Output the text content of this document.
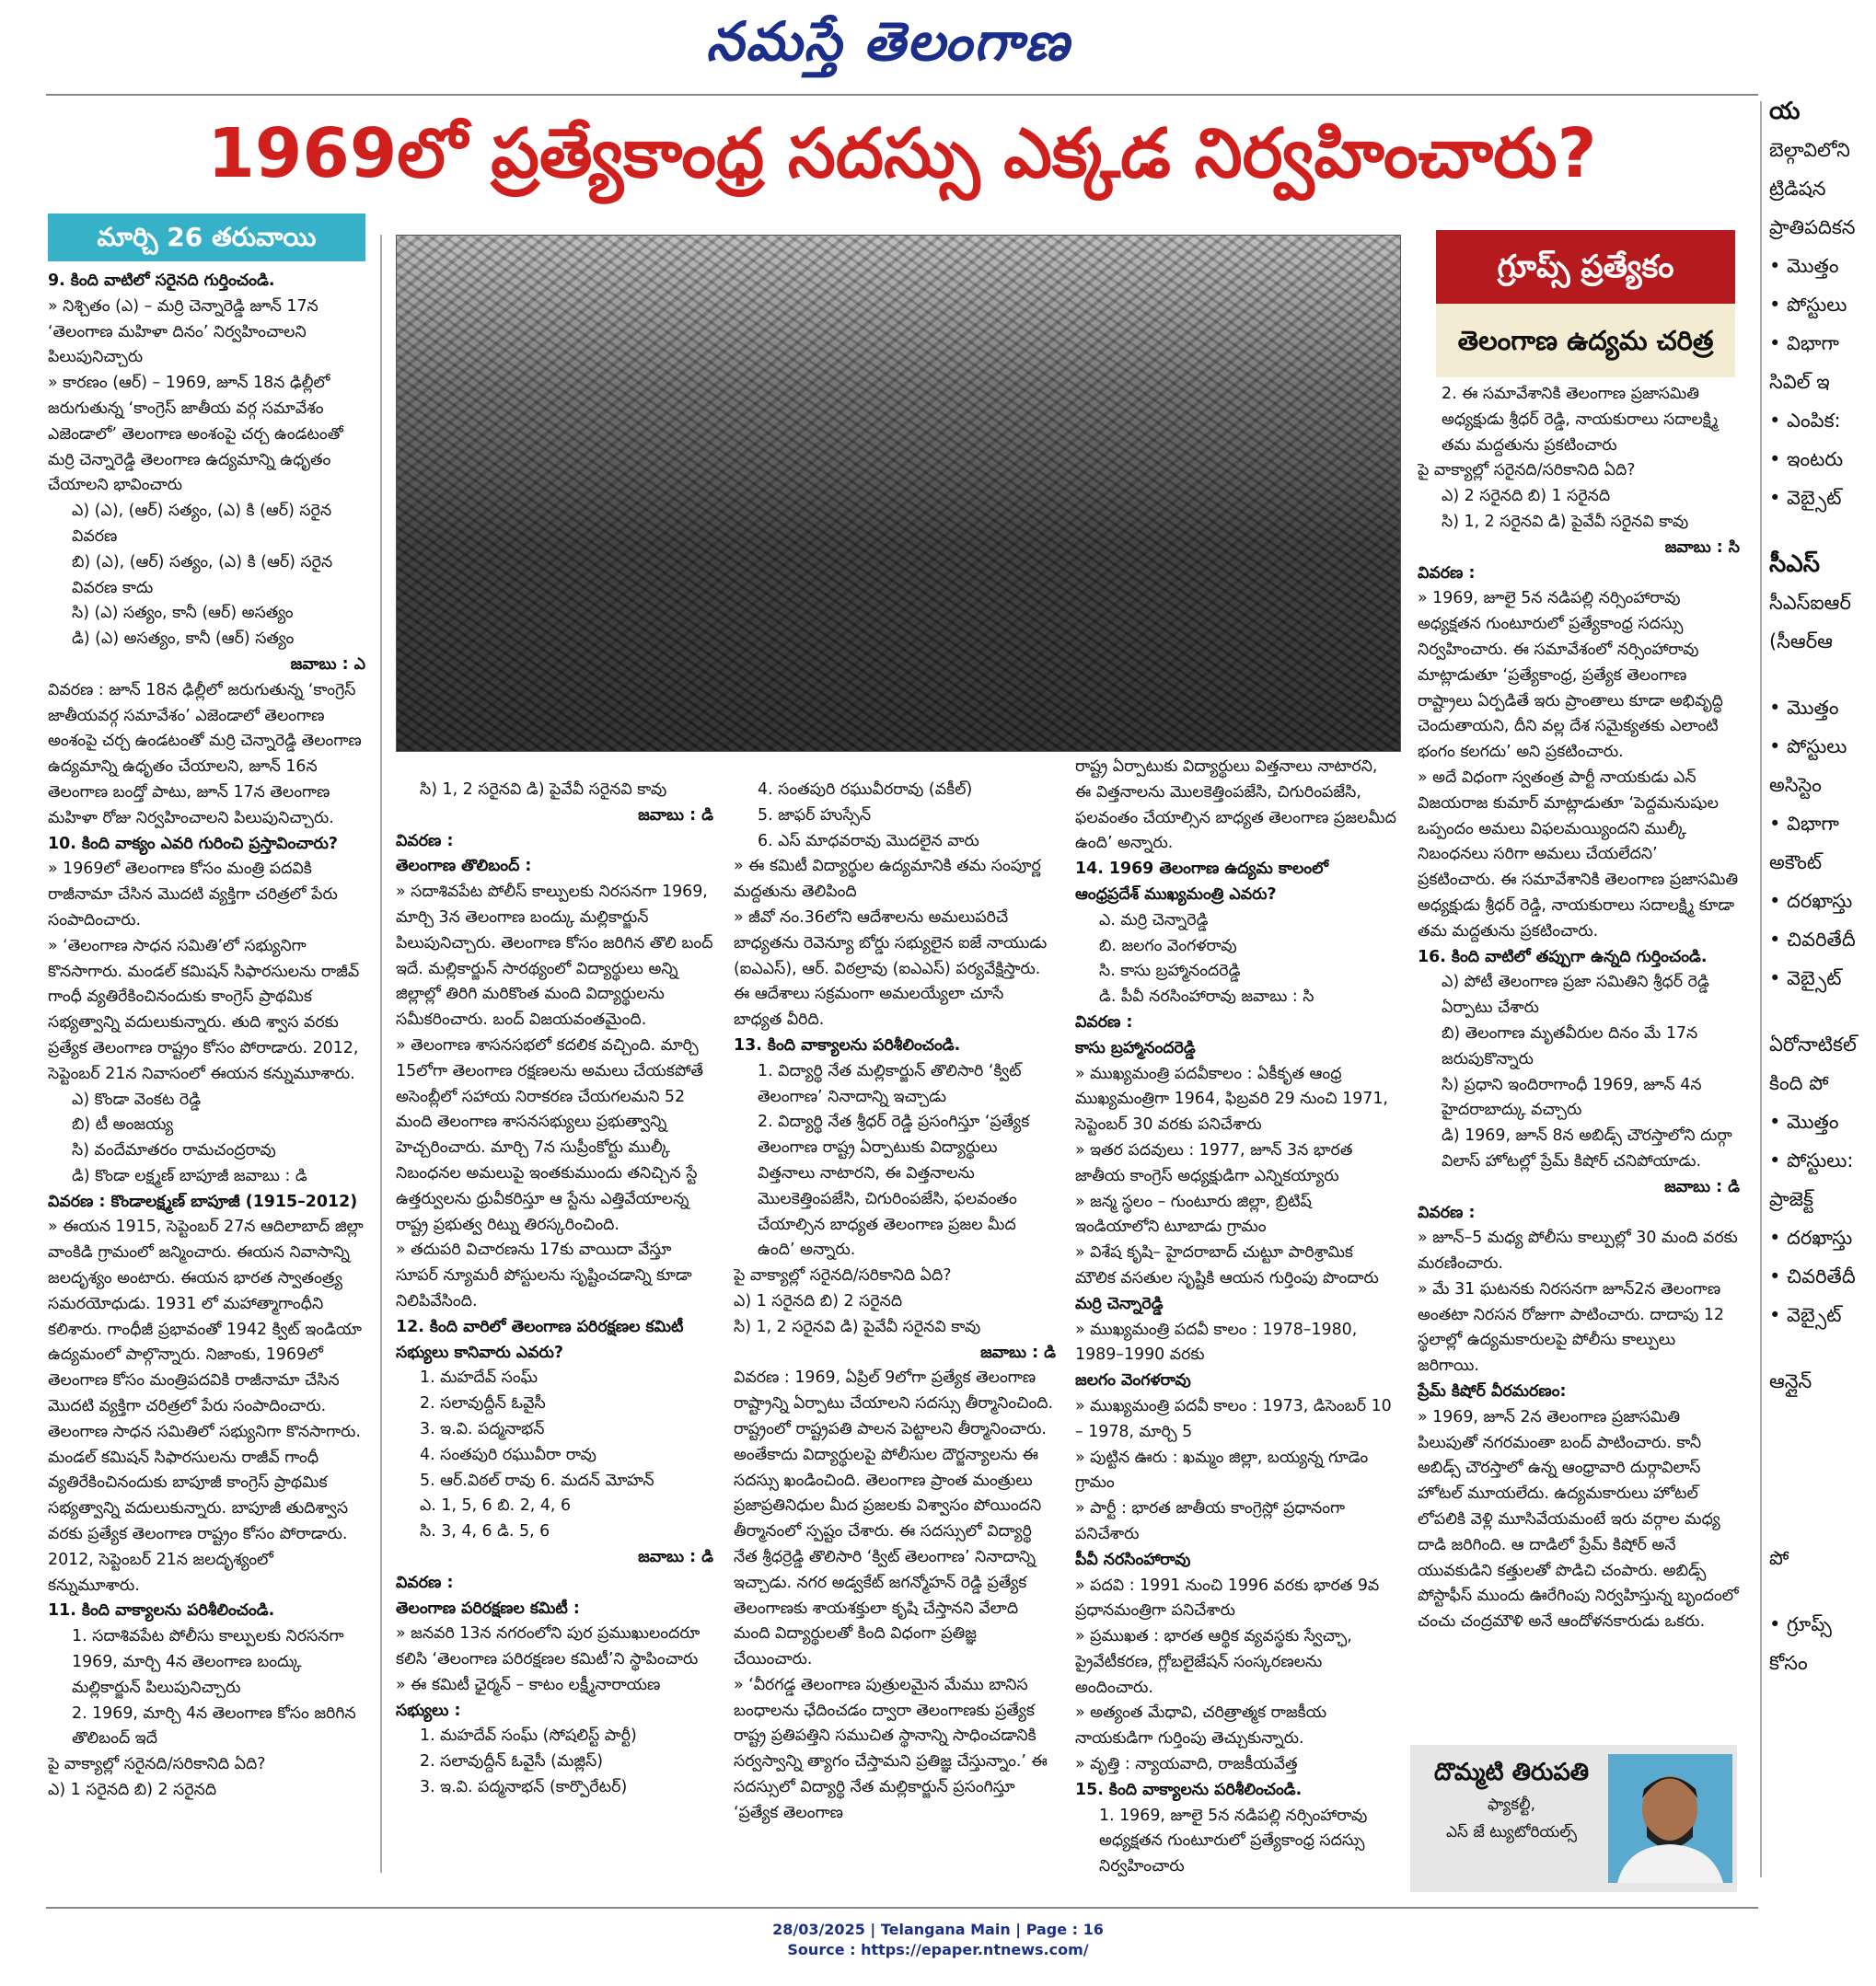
నమస్తే తెలంగాణ
1969లో ప్రత్యేకాంధ్ర సదస్సు ఎక్కడ నిర్వహించారు?
మార్చి 26 తరువాయి

9. కింది వాటిలో సరైనది గుర్తించండి.

» నిశ్చితం (ఎ) – మర్రి చెన్నారెడ్డి జూన్ 17న ‘తెలంగాణ మహిళా దినం’ నిర్వహించాలని పిలుపునిచ్చారు

» కారణం (ఆర్) – 1969, జూన్ 18న ఢిల్లీలో జరుగుతున్న ‘కాంగ్రెస్ జాతీయ వర్గ సమావేశం ఎజెండాలో’ తెలంగాణ అంశంపై చర్చ ఉండటంతో మర్రి చెన్నారెడ్డి తెలంగాణ ఉద్యమాన్ని ఉధృతం చేయాలని భావించారు

ఎ) (ఎ), (ఆర్) సత్యం, (ఎ) కి (ఆర్) సరైన వివరణ

బి) (ఎ), (ఆర్) సత్యం, (ఎ) కి (ఆర్) సరైన వివరణ కాదు

సి) (ఎ) సత్యం, కానీ (ఆర్) అసత్యం

డి) (ఎ) అసత్యం, కానీ (ఆర్) సత్యం

జవాబు : ఎ

వివరణ : జూన్ 18న ఢిల్లీలో జరుగుతున్న ‘కాంగ్రెస్ జాతీయవర్గ సమావేశం’ ఎజెండాలో తెలంగాణ అంశంపై చర్చ ఉండటంతో మర్రి చెన్నారెడ్డి తెలంగాణ ఉద్యమాన్ని ఉధృతం చేయాలని, జూన్ 16న తెలంగాణ బంద్తో పాటు, జూన్ 17న తెలంగాణ మహిళా రోజు నిర్వహించాలని పిలుపునిచ్చారు.

10. కింది వాక్యం ఎవరి గురించి ప్రస్తావించారు?

» 1969లో తెలంగాణ కోసం మంత్రి పదవికి రాజీనామా చేసిన మొదటి వ్యక్తిగా చరిత్రలో పేరు సంపాదించారు.

» ‘తెలంగాణ సాధన సమితి’లో సభ్యునిగా కొనసాగారు. మండల్ కమిషన్ సిఫారసులను రాజీవ్ గాంధీ వ్యతిరేకించినందుకు కాంగ్రెస్ ప్రాథమిక సభ్యత్వాన్ని వదులుకున్నారు. తుది శ్వాస వరకు ప్రత్యేక తెలంగాణ రాష్ట్రం కోసం పోరాడారు. 2012, సెప్టెంబర్ 21న నివాసంలో ఈయన కన్నుమూశారు.

ఎ) కొండా వెంకట రెడ్డి

బి) టీ అంజయ్య

సి) వందేమాతరం రామచంద్రరావు

డి) కొండా లక్ష్మణ్ బాపూజీ జవాబు : డి

వివరణ : కొండాలక్ష్మణ్ బాపూజీ (1915–2012)

» ఈయన 1915, సెప్టెంబర్ 27న ఆదిలాబాద్ జిల్లా వాంకిడి గ్రామంలో జన్మించారు. ఈయన నివాసాన్ని జలదృశ్యం అంటారు. ఈయన భారత స్వాతంత్ర్య సమరయోధుడు. 1931 లో మహాత్మాగాంధీని కలిశారు. గాంధీజీ ప్రభావంతో 1942 క్విట్ ఇండియా ఉద్యమంలో పాల్గొన్నారు. నిజాంకు, 1969లో తెలంగాణ కోసం మంత్రిపదవికి రాజీనామా చేసిన మొదటి వ్యక్తిగా చరిత్రలో పేరు సంపాదించారు. తెలంగాణ సాధన సమితిలో సభ్యునిగా కొనసాగారు. మండల్ కమిషన్ సిఫారసులను రాజీవ్ గాంధీ వ్యతిరేకించినందుకు బాపూజీ కాంగ్రెస్ ప్రాథమిక సభ్యత్వాన్ని వదులుకున్నారు. బాపూజీ తుదిశ్వాస వరకు ప్రత్యేక తెలంగాణ రాష్ట్రం కోసం పోరాడారు. 2012, సెప్టెంబర్ 21న జలదృశ్యంలో కన్నుమూశారు.

11. కింది వాక్యాలను పరిశీలించండి.

1. సదాశివపేట పోలీసు కాల్పులకు నిరసనగా 1969, మార్చి 4న తెలంగాణ బంద్కు మల్లికార్జున్ పిలుపునిచ్చారు

2. 1969, మార్చి 4న తెలంగాణ కోసం జరిగిన తొలిబంద్ ఇదే

పై వాక్యాల్లో సరైనది/సరికానిది ఏది?

ఎ) 1 సరైనది బి) 2 సరైనది

సి) 1, 2 సరైనవి డి) పైవేవీ సరైనవి కావు

జవాబు : డి

వివరణ :

తెలంగాణ తొలిబంద్ :

» సదాశివపేట పోలీస్ కాల్పులకు నిరసనగా 1969, మార్చి 3న తెలంగాణ బంద్కు మల్లికార్జున్ పిలుపునిచ్చారు. తెలంగాణ కోసం జరిగిన తొలి బంద్ ఇదే. మల్లికార్జున్ సారథ్యంలో విద్యార్థులు అన్ని జిల్లాల్లో తిరిగి మరికొంత మంది విద్యార్థులను సమీకరించారు. బంద్ విజయవంతమైంది.

» తెలంగాణ శాసనసభలో కదలిక వచ్చింది. మార్చి 15లోగా తెలంగాణ రక్షణలను అమలు చేయకపోతే అసెంబ్లీలో సహాయ నిరాకరణ చేయగలమని 52 మంది తెలంగాణ శాసనసభ్యులు ప్రభుత్వాన్ని హెచ్చరించారు. మార్చి 7న సుప్రీంకోర్టు ముల్కీ నిబంధనల అమలుపై ఇంతకుముందు తనిచ్చిన స్టే ఉత్తర్వులను ధ్రువీకరిస్తూ ఆ స్టేను ఎత్తివేయాలన్న రాష్ట్ర ప్రభుత్వ రిట్ను తిరస్కరించింది.

» తదుపరి విచారణను 17కు వాయిదా వేస్తూ సూపర్ న్యూమరీ పోస్టులను సృష్టించడాన్ని కూడా నిలిపివేసింది.

12. కింది వారిలో తెలంగాణ పరిరక్షణల కమిటీ సభ్యులు కానివారు ఎవరు?

1. మహదేవ్ సంఘ్

2. సలావుద్దీన్ ఓవైసీ

3. ఇ.వి. పద్మనాభన్

4. సంతపురి రఘువీరా రావు

5. ఆర్.విఠల్ రావు 6. మదన్ మోహన్

ఎ. 1, 5, 6 బి. 2, 4, 6

సి. 3, 4, 6 డి. 5, 6

జవాబు : డి

వివరణ :

తెలంగాణ పరిరక్షణల కమిటీ :

» జనవరి 13న నగరంలోని పుర ప్రముఖులందరూ కలిసి ‘తెలంగాణ పరిరక్షణల కమిటీ’ని స్థాపించారు

» ఈ కమిటీ ఛైర్మన్ – కాటం లక్ష్మీనారాయణ

సభ్యులు :

1. మహదేవ్ సంఘ్ (సోషలిస్ట్ పార్టీ)

2. సలావుద్దీన్ ఓవైసీ (మజ్లిస్)

3. ఇ.వి. పద్మనాభన్ (కార్పొరేటర్)

4. సంతపురి రఘువీరరావు (వకీల్)

5. జాఫర్ హుస్సేన్

6. ఎస్ మాధవరావు మొదలైన వారు

» ఈ కమిటీ విద్యార్థుల ఉద్యమానికి తమ సంపూర్ణ మద్దతును తెలిపింది

» జీవో నం.36లోని ఆదేశాలను అమలుపరిచే బాధ్యతను రెవెన్యూ బోర్డు సభ్యులైన ఐజే నాయుడు (ఐఎఎస్), ఆర్. విఠల్రావు (ఐఎఎస్) పర్యవేక్షిస్తారు. ఈ ఆదేశాలు సక్రమంగా అమలయ్యేలా చూసే బాధ్యత వీరిది.

13. కింది వాక్యాలను పరిశీలించండి.

1. విద్యార్థి నేత మల్లికార్జున్ తొలిసారి ‘క్విట్ తెలంగాణ’ నినాదాన్ని ఇచ్చాడు

2. విద్యార్థి నేత శ్రీధర్ రెడ్డి ప్రసంగిస్తూ ‘ప్రత్యేక తెలంగాణ రాష్ట్ర ఏర్పాటుకు విద్యార్థులు విత్తనాలు నాటారని, ఈ విత్తనాలను మొలకెత్తింపజేసి, చిగురింపజేసి, ఫలవంతం చేయాల్సిన బాధ్యత తెలంగాణ ప్రజల మీద ఉంది’ అన్నారు.

పై వాక్యాల్లో సరైనది/సరికానిది ఏది?

ఎ) 1 సరైనది బి) 2 సరైనది

సి) 1, 2 సరైనవి డి) పైవేవీ సరైనవి కావు

జవాబు : డి

వివరణ : 1969, ఏప్రిల్ 9లోగా ప్రత్యేక తెలంగాణ రాష్ట్రాన్ని ఏర్పాటు చేయాలని సదస్సు తీర్మానించింది. రాష్ట్రంలో రాష్ట్రపతి పాలన పెట్టాలని తీర్మానించారు. అంతేకాదు విద్యార్థులపై పోలీసుల దౌర్జన్యాలను ఈ సదస్సు ఖండించింది. తెలంగాణ ప్రాంత మంత్రులు ప్రజాప్రతినిధుల మీద ప్రజలకు విశ్వాసం పోయిందని తీర్మానంలో స్పష్టం చేశారు. ఈ సదస్సులో విద్యార్థి నేత శ్రీధర్రెడ్డి తొలిసారి ‘క్విట్ తెలంగాణ’ నినాదాన్ని ఇచ్చాడు. నగర అడ్వకేట్ జగన్మోహన్ రెడ్డి ప్రత్యేక తెలంగాణకు శాయశక్తులా కృషి చేస్తానని వేలాది మంది విద్యార్థులతో కింది విధంగా ప్రతిజ్ఞ చేయించారు.

» ‘వీరగడ్డ తెలంగాణ పుత్రులమైన మేము బానిస బంధాలను ఛేదించడం ద్వారా తెలంగాణకు ప్రత్యేక రాష్ట్ర ప్రతిపత్తిని సముచిత స్థానాన్ని సాధించడానికి సర్వస్వాన్ని త్యాగం చేస్తామని ప్రతిజ్ఞ చేస్తున్నాం.’ ఈ సదస్సులో విద్యార్థి నేత మల్లికార్జున్ ప్రసంగిస్తూ ‘ప్రత్యేక తెలంగాణ

రాష్ట్ర ఏర్పాటుకు విద్యార్థులు విత్తనాలు నాటారని, ఈ విత్తనాలను మొలకెత్తింపజేసి, చిగురింపజేసి, ఫలవంతం చేయాల్సిన బాధ్యత తెలంగాణ ప్రజలమీద ఉంది’ అన్నారు.

14. 1969 తెలంగాణ ఉద్యమ కాలంలో ఆంధ్రప్రదేశ్ ముఖ్యమంత్రి ఎవరు?

ఎ. మర్రి చెన్నారెడ్డి

బి. జలగం వెంగళరావు

సి. కాసు బ్రహ్మానందరెడ్డి

డి. పీవీ నరసింహారావు జవాబు : సి

వివరణ :

కాసు బ్రహ్మానందరెడ్డి

» ముఖ్యమంత్రి పదవీకాలం : ఏకీకృత ఆంధ్ర ముఖ్యమంత్రిగా 1964, ఫిబ్రవరి 29 నుంచి 1971, సెప్టెంబర్ 30 వరకు పనిచేశారు

» ఇతర పదవులు : 1977, జూన్ 3న భారత జాతీయ కాంగ్రెస్ అధ్యక్షుడిగా ఎన్నికయ్యారు

» జన్మ స్థలం – గుంటూరు జిల్లా, బ్రిటిష్ ఇండియాలోని టూబాడు గ్రామం

» విశేష కృషి– హైదరాబాద్ చుట్టూ పారిశ్రామిక మౌలిక వసతుల సృష్టికి ఆయన గుర్తింపు పొందారు

మర్రి చెన్నారెడ్డి

» ముఖ్యమంత్రి పదవీ కాలం : 1978–1980, 1989–1990 వరకు

జలగం వెంగళరావు

» ముఖ్యమంత్రి పదవీ కాలం : 1973, డిసెంబర్ 10 – 1978, మార్చి 5

» పుట్టిన ఊరు : ఖమ్మం జిల్లా, బయ్యన్న గూడెం గ్రామం

» పార్టీ : భారత జాతీయ కాంగ్రెస్లో ప్రధానంగా పనిచేశారు

పీవీ నరసింహారావు

» పదవి : 1991 నుంచి 1996 వరకు భారత 9వ ప్రధానమంత్రిగా పనిచేశారు

» ప్రముఖత : భారత ఆర్థిక వ్యవస్థకు స్వేచ్ఛా, ప్రైవేటీకరణ, గ్లోబలైజేషన్ సంస్కరణలను అందించారు.

» అత్యంత మేధావి, చరిత్రాత్మక రాజకీయ నాయకుడిగా గుర్తింపు తెచ్చుకున్నారు.

» వృత్తి : న్యాయవాది, రాజకీయవేత్త

15. కింది వాక్యాలను పరిశీలించండి.

1. 1969, జూలై 5న నడిపల్లి నర్సింహారావు అధ్యక్షతన గుంటూరులో ప్రత్యేకాంధ్ర సదస్సు నిర్వహించారు

గ్రూప్స్ ప్రత్యేకం
తెలంగాణ ఉద్యమ చరిత్ర

2. ఈ సమావేశానికి తెలంగాణ ప్రజాసమితి అధ్యక్షుడు శ్రీధర్ రెడ్డి, నాయకురాలు సదాలక్ష్మి తమ మద్దతును ప్రకటించారు

పై వాక్యాల్లో సరైనది/సరికానిది ఏది?

ఎ) 2 సరైనది బి) 1 సరైనది

సి) 1, 2 సరైనవి డి) పైవేవీ సరైనవి కావు

జవాబు : సి

వివరణ :

» 1969, జూలై 5న నడిపల్లి నర్సింహారావు అధ్యక్షతన గుంటూరులో ప్రత్యేకాంధ్ర సదస్సు నిర్వహించారు. ఈ సమావేశంలో నర్సింహారావు మాట్లాడుతూ ‘ప్రత్యేకాంధ్ర, ప్రత్యేక తెలంగాణ రాష్ట్రాలు ఏర్పడితే ఇరు ప్రాంతాలు కూడా అభివృద్ధి చెందుతాయని, దీని వల్ల దేశ సమైక్యతకు ఎలాంటి భంగం కలగదు’ అని ప్రకటించారు.

» అదే విధంగా స్వతంత్ర పార్టీ నాయకుడు ఎన్ విజయరాజ కుమార్ మాట్లాడుతూ ‘పెద్దమనుషుల ఒప్పందం అమలు విఫలమయ్యిందని ముల్కీ నిబంధనలు సరిగా అమలు చేయలేదని’ ప్రకటించారు. ఈ సమావేశానికి తెలంగాణ ప్రజాసమితి అధ్యక్షుడు శ్రీధర్ రెడ్డి, నాయకురాలు సదాలక్ష్మి కూడా తమ మద్దతును ప్రకటించారు.

16. కింది వాటిలో తప్పుగా ఉన్నది గుర్తించండి.

ఎ) పోటీ తెలంగాణ ప్రజా సమితిని శ్రీధర్ రెడ్డి ఏర్పాటు చేశారు

బి) తెలంగాణ మృతవీరుల దినం మే 17న జరుపుకొన్నారు

సి) ప్రధాని ఇందిరాగాంధీ 1969, జూన్ 4న హైదరాబాద్కు వచ్చారు

డి) 1969, జూన్ 8న అబిడ్స్ చౌరస్తాలోని దుర్గా విలాస్ హోటల్లో ప్రేమ్ కిషోర్ చనిపోయాడు.

జవాబు : డి

వివరణ :

» జూన్–5 మధ్య పోలీసు కాల్పుల్లో 30 మంది వరకు మరణించారు.

» మే 31 ఘటనకు నిరసనగా జూన్2న తెలంగాణ అంతటా నిరసన రోజుగా పాటించారు. దాదాపు 12 స్థలాల్లో ఉద్యమకారులపై పోలీసు కాల్పులు జరిగాయి.

ప్రేమ్ కిషోర్ వీరమరణం:

» 1969, జూన్ 2న తెలంగాణ ప్రజాసమితి పిలుపుతో నగరమంతా బంద్ పాటించారు. కానీ అబిడ్స్ చౌరస్తాలో ఉన్న ఆంధ్రావారి దుర్గావిలాస్ హోటల్ మూయలేదు. ఉద్యమకారులు హోటల్ లోపలికి వెళ్లి మూసివేయమంటే ఇరు వర్గాల మధ్య దాడి జరిగింది. ఆ దాడిలో ప్రేమ్ కిషోర్ అనే యువకుడిని కత్తులతో పొడిచి చంపారు. అబిడ్స్ పోస్టాఫీస్ ముందు ఊరేగింపు నిర్వహిస్తున్న బృందంలో చంచు చంద్రమౌళి అనే ఆందోళనకారుడు ఒకరు.

దొమ్మటి తిరుపతి
ఫ్యాకల్టీ,
ఎస్ జే ట్యుటోరియల్స్
28/03/2025 | Telangana Main | Page : 16
Source : https://epaper.ntnews.com/
య
బెల్గావిలోని
ట్రిడిషన
ప్రాతిపదికన
• మొత్తం
• పోస్టులు
• విభాగా
సివిల్ ఇ
• ఎంపిక:
• ఇంటరు
• వెబ్సైట్
సీఎస్
సీఎస్ఐఆర్
(సీఆర్ఆ
• మొత్తం
• పోస్టులు
అసిస్టెం
• విభాగా
అకౌంట్
• దరఖాస్తు
• చివరితేదీ
• వెబ్సైట్
ఏరోనాటికల్
కింది పో
• మొత్తం
• పోస్టులు:
ప్రాజెక్ట్
• దరఖాస్తు
• చివరితేదీ
• వెబ్సైట్
ఆన్లైన్
పో
• గ్రూప్స్
కోసం
